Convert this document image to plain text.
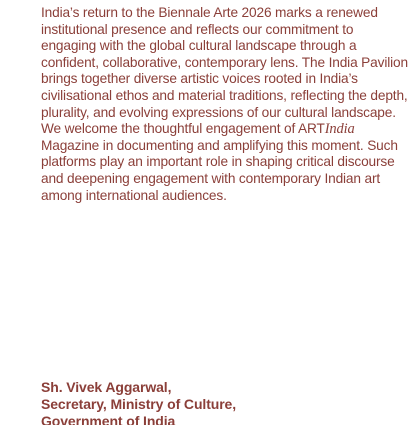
India’s return to the Biennale Arte 2026 marks a renewed institutional presence and reflects our commitment to engaging with the global cultural landscape through a confident, collaborative, contemporary lens. The India Pavilion brings together diverse artistic voices rooted in India’s civilisational ethos and material traditions, reflecting the depth, plurality, and evolving expressions of our cultural landscape. We welcome the thoughtful engagement of ARTIndia Magazine in documenting and amplifying this moment. Such platforms play an important role in shaping critical discourse and deepening engagement with contemporary Indian art among international audiences.

Sh. Vivek Aggarwal,
Secretary, Ministry of Culture,
Government of India
